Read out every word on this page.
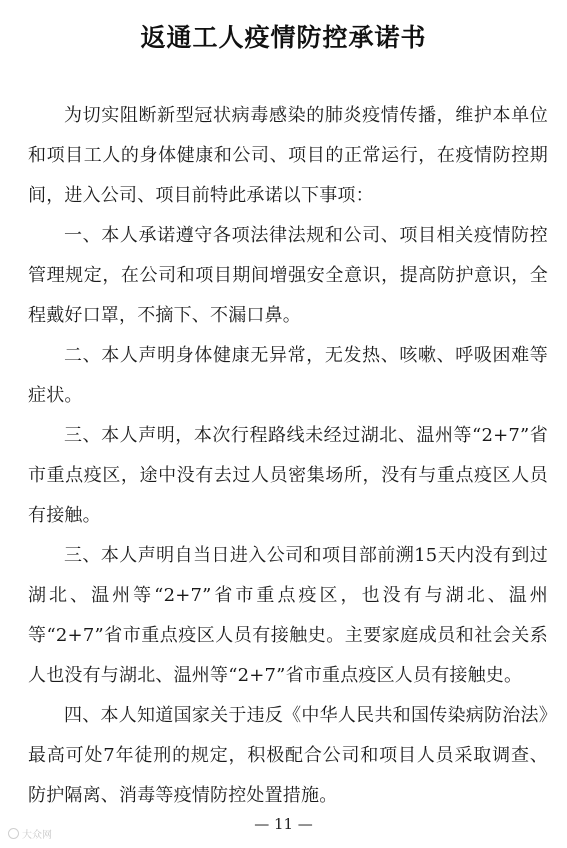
返通工人疫情防控承诺书

为切实阻断新型冠状病毒感染的肺炎疫情传播，维护本单位和项目工人的身体健康和公司、项目的正常运行，在疫情防控期间，进入公司、项目前特此承诺以下事项：

一、本人承诺遵守各项法律法规和公司、项目相关疫情防控管理规定，在公司和项目期间增强安全意识，提高防护意识，全程戴好口罩，不摘下、不漏口鼻。

二、本人声明身体健康无异常，无发热、咳嗽、呼吸困难等症状。

三、本人声明，本次行程路线未经过湖北、温州等“2+7”省市重点疫区，途中没有去过人员密集场所，没有与重点疫区人员有接触。

三、本人声明自当日进入公司和项目部前溯15天内没有到过湖北、温州等“2+7”省市重点疫区，也没有与湖北、温州等“2+7”省市重点疫区人员有接触史。主要家庭成员和社会关系人也没有与湖北、温州等“2+7”省市重点疫区人员有接触史。

四、本人知道国家关于违反《中华人民共和国传染病防治法》最高可处7年徒刑的规定，积极配合公司和项目人员采取调查、防护隔离、消毒等疫情防控处置措施。

— 11 —
大众网
